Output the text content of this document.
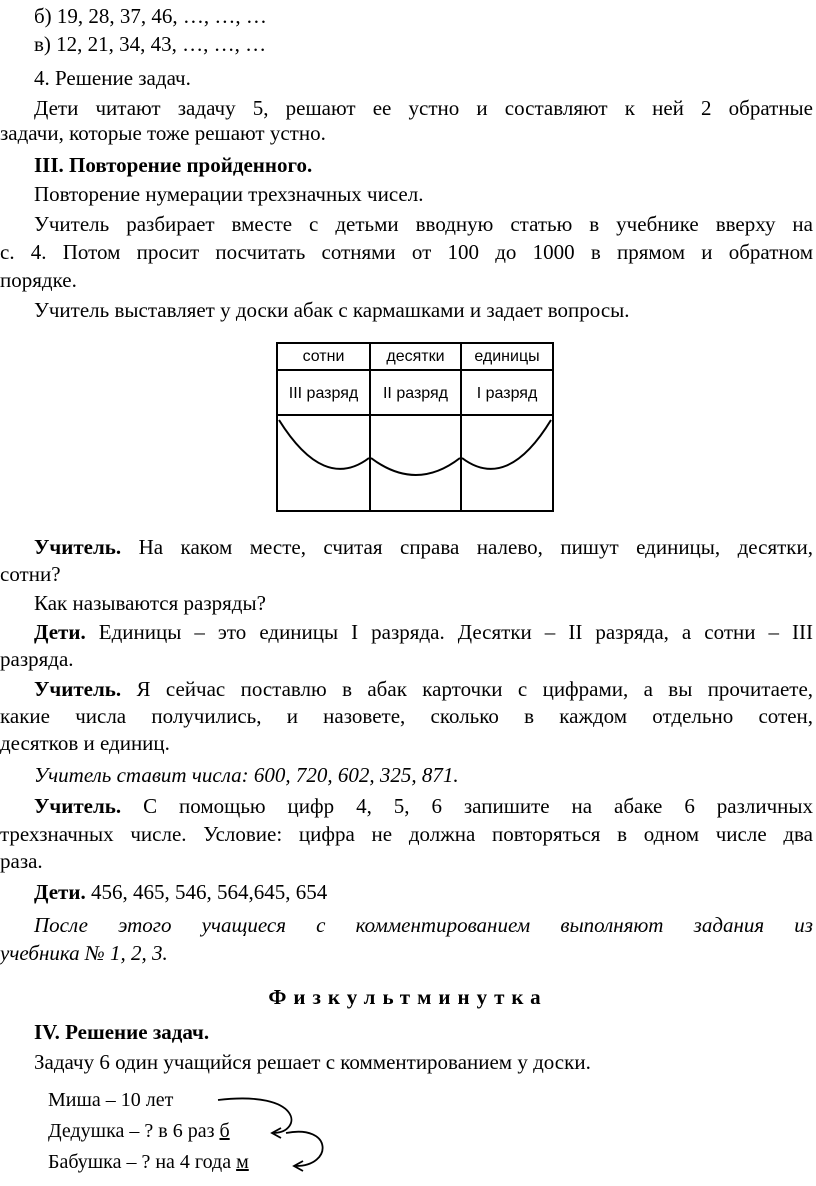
б) 19, 28, 37, 46, …, …, …
в) 12, 21, 34, 43, …, …, …
4. Решение задач.
Дети читают задачу 5, решают ее устно и составляют к ней 2 обратные
задачи, которые тоже решают устно.
III. Повторение пройденного.
Повторение нумерации трехзначных чисел.
Учитель разбирает вместе с детьми вводную статью в учебнике вверху на
с. 4. Потом просит посчитать сотнями от 100 до 1000 в прямом и обратном
порядке.
Учитель выставляет у доски абак с кармашками и задает вопросы.
сотни	десятки	единицы
III разряд	II разряд	I разряд
Учитель. На каком месте, считая справа налево, пишут единицы, десятки,
сотни?
Как называются разряды?
Дети. Единицы – это единицы I разряда. Десятки – II разряда, а сотни – III
разряда.
Учитель. Я сейчас поставлю в абак карточки с цифрами, а вы прочитаете,
какие числа получились, и назовете, сколько в каждом отдельно сотен,
десятков и единиц.
Учитель ставит числа: 600, 720, 602, 325, 871.
Учитель. С помощью цифр 4, 5, 6 запишите на абаке 6 различных
трехзначных числе. Условие: цифра не должна повторяться в одном числе два
раза.
Дети. 456, 465, 546, 564,645, 654
После этого учащиеся с комментированием выполняют задания из
учебника № 1, 2, 3.
Физкультминутка
IV. Решение задач.
Задачу 6 один учащийся решает с комментированием у доски.
Миша – 10 лет
Дедушка – ? в 6 раз б
Бабушка – ? на 4 года м
